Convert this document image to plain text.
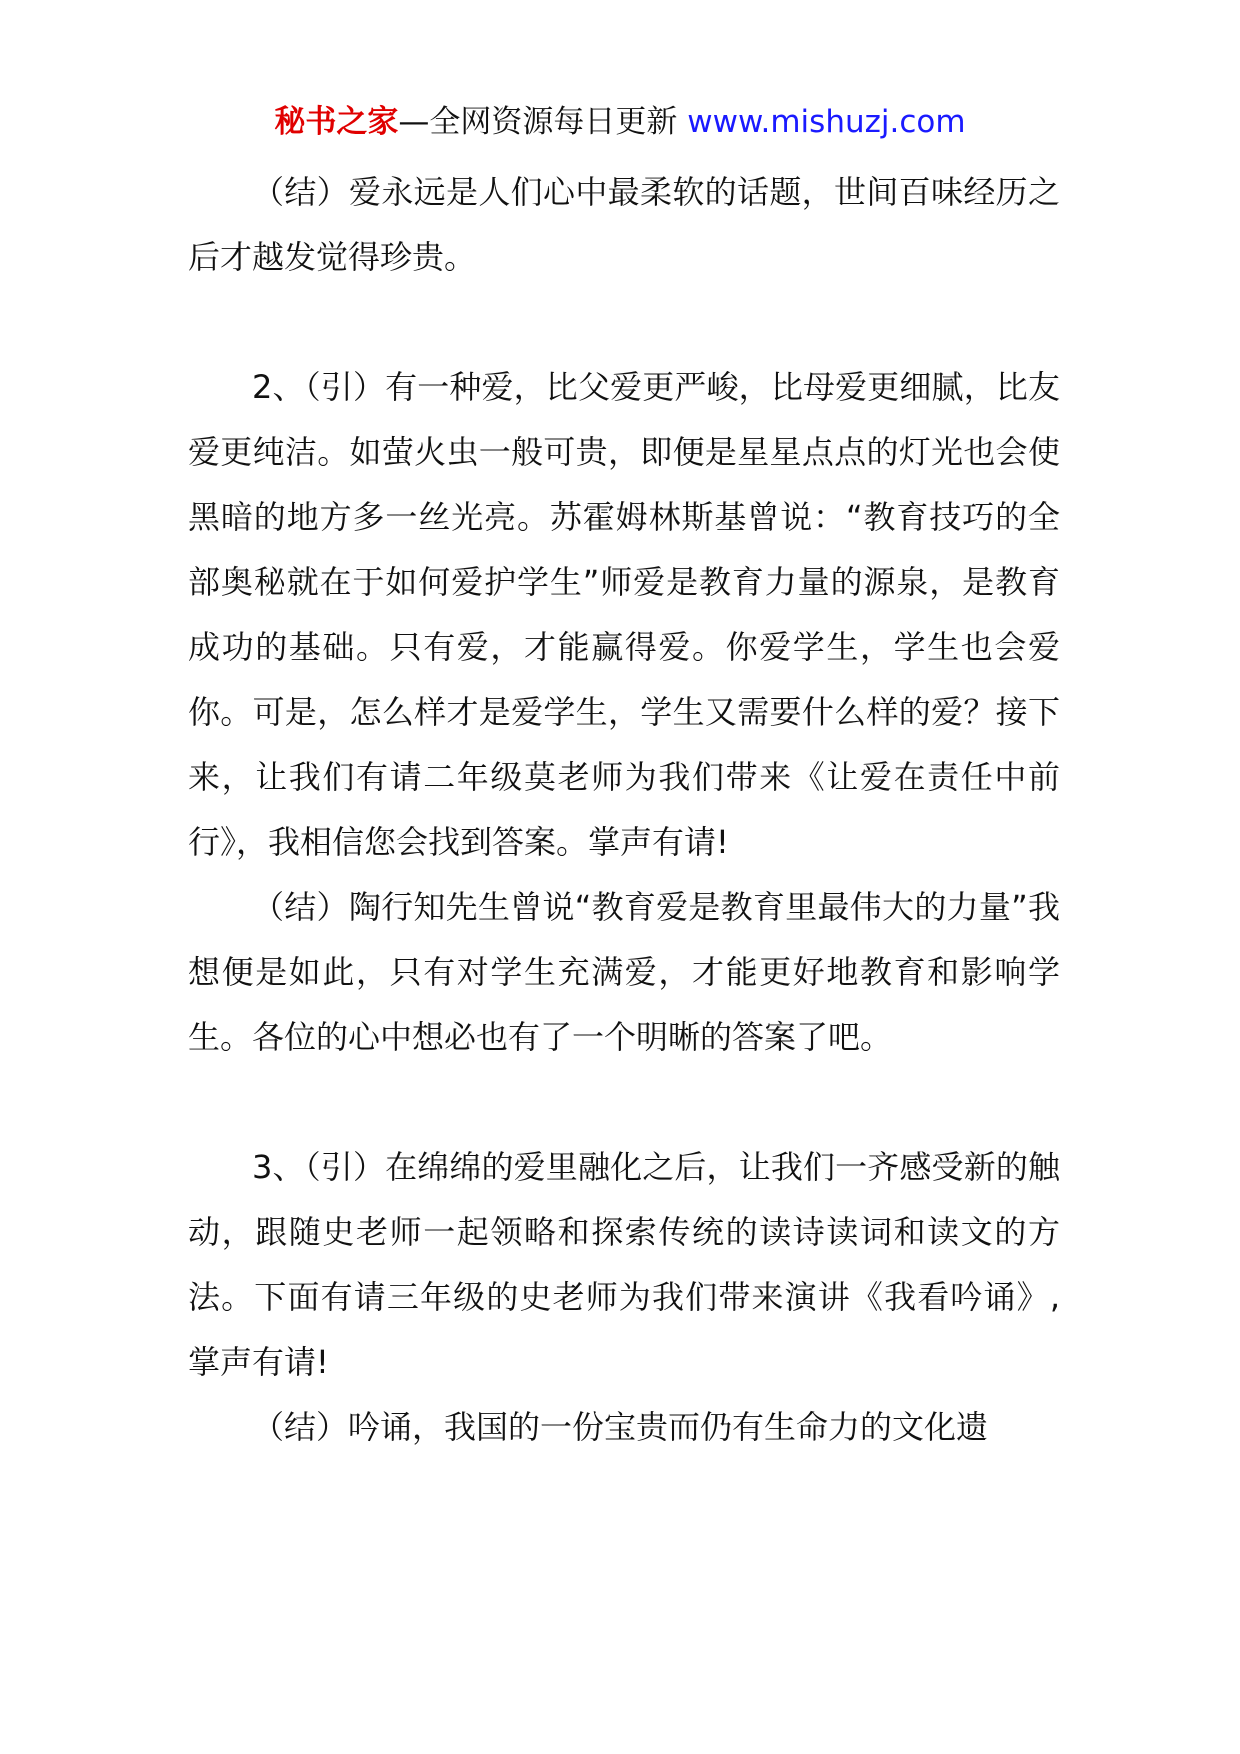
秘书之家—全网资源每日更新 www.mishuzj.com

（结）爱永远是人们心中最柔软的话题，世间百味经历之后才越发觉得珍贵。

2、（引）有一种爱，比父爱更严峻，比母爱更细腻，比友爱更纯洁。如萤火虫一般可贵，即便是星星点点的灯光也会使黑暗的地方多一丝光亮。苏霍姆林斯基曾说：“教育技巧的全部奥秘就在于如何爱护学生”师爱是教育力量的源泉，是教育成功的基础。只有爱，才能赢得爱。你爱学生，学生也会爱你。可是，怎么样才是爱学生，学生又需要什么样的爱？接下来，让我们有请二年级莫老师为我们带来《让爱在责任中前行》，我相信您会找到答案。掌声有请!

（结）陶行知先生曾说“教育爱是教育里最伟大的力量”我想便是如此，只有对学生充满爱，才能更好地教育和影响学生。各位的心中想必也有了一个明晰的答案了吧。

3、（引）在绵绵的爱里融化之后，让我们一齐感受新的触动，跟随史老师一起领略和探索传统的读诗读词和读文的方法。下面有请三年级的史老师为我们带来演讲《我看吟诵》,掌声有请!

（结）吟诵，我国的一份宝贵而仍有生命力的文化遗
